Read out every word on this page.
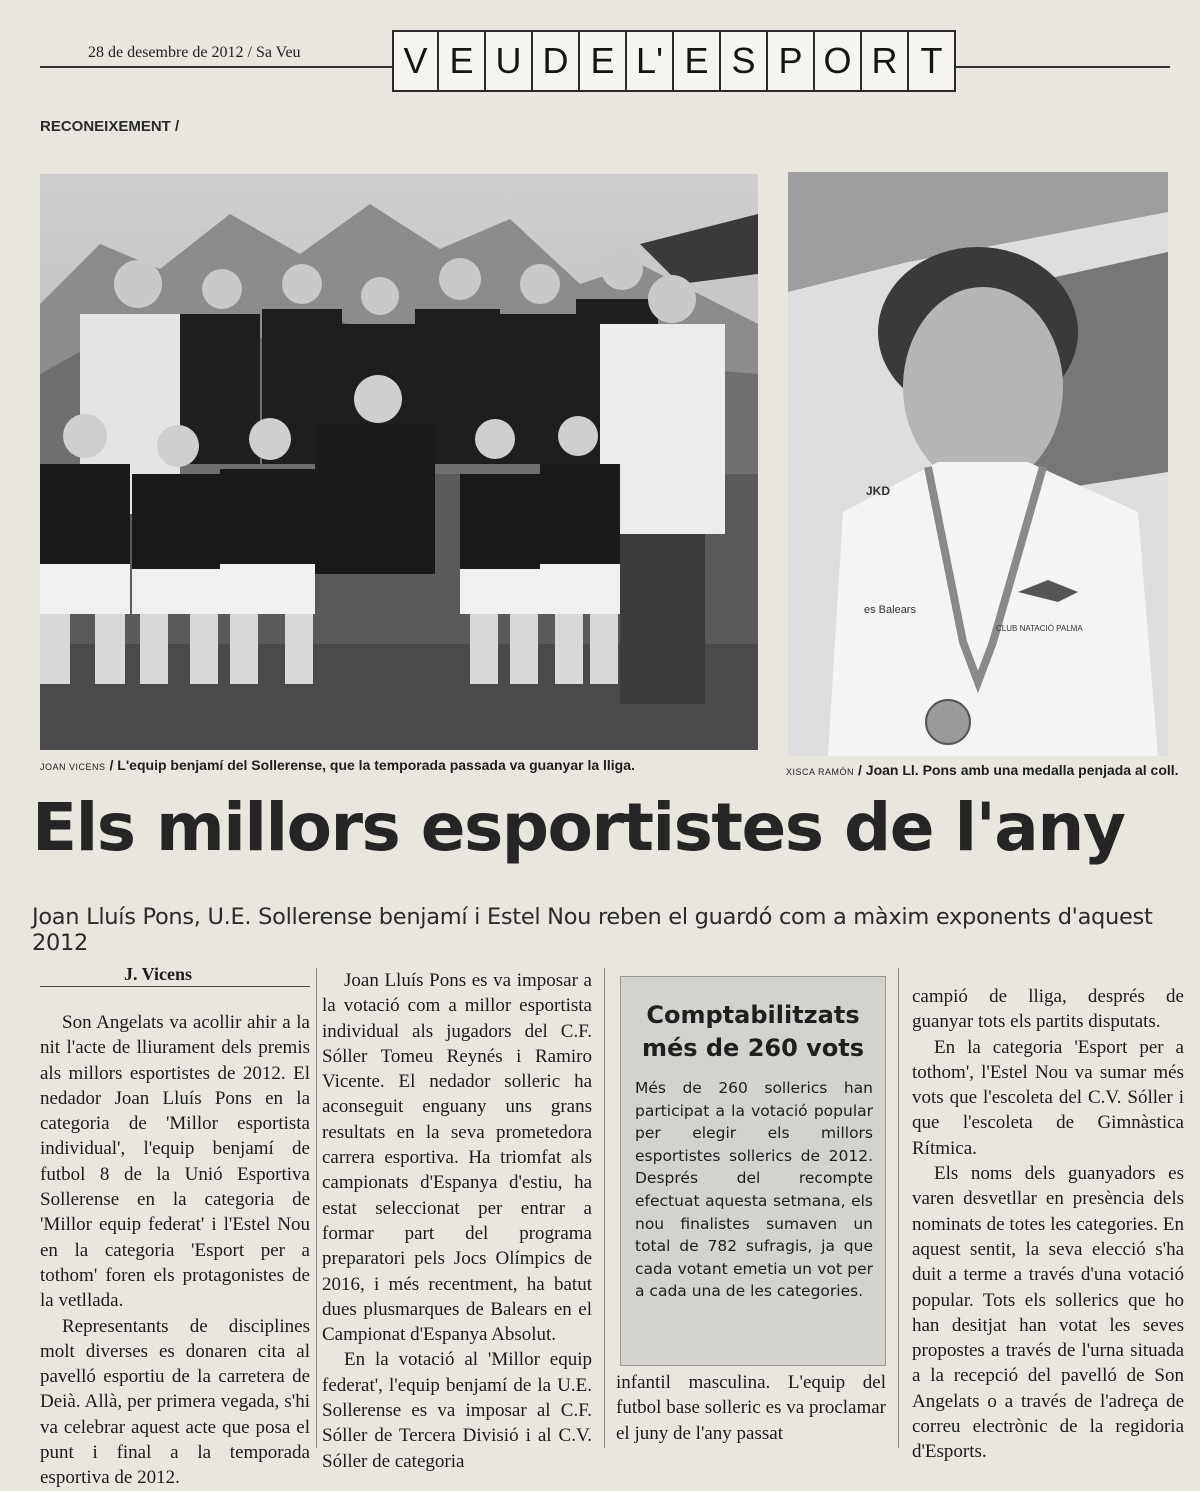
28 de desembre de 2012 / Sa Veu	V E U D E L' E S P O R T
RECONEIXEMENT /
JKD
es Balears
CLUB NATACIÓ PALMA
JOAN VICENS / L'equip benjamí del Sollerense, que la temporada passada va guanyar la lliga.	XISCA RAMÓN / Joan Ll. Pons amb una medalla penjada al coll.
Els millors esportistes de l'any
Joan Lluís Pons, U.E. Sollerense benjamí i Estel Nou reben el guardó com a màxim exponents d'aquest 2012
J. Vicens

Son Angelats va acollir ahir a la nit l'acte de lliurament dels premis als millors esportistes de 2012. El nedador Joan Lluís Pons en la categoria de 'Millor esportista individual', l'equip benjamí de futbol 8 de la Unió Esportiva Sollerense en la categoria de 'Millor equip federat' i l'Estel Nou en la categoria 'Esport per a tothom' foren els protagonistes de la vetllada.

Representants de disciplines molt diverses es donaren cita al pavelló esportiu de la carretera de Deià. Allà, per primera vegada, s'hi va celebrar aquest acte que posa el punt i final a la temporada esportiva de 2012.

Joan Lluís Pons es va imposar a la votació com a millor esportista individual als jugadors del C.F. Sóller Tomeu Reynés i Ramiro Vicente. El nedador solleric ha aconseguit enguany uns grans resultats en la seva prometedora carrera esportiva. Ha triomfat als campionats d'Espanya d'estiu, ha estat seleccionat per entrar a formar part del programa preparatori pels Jocs Olímpics de 2016, i més recentment, ha batut dues plusmarques de Balears en el Campionat d'Espanya Absolut.

En la votació al 'Millor equip federat', l'equip benjamí de la U.E. Sollerense es va imposar al C.F. Sóller de Tercera Divisió i al C.V. Sóller de categoria

Comptabilitzats més de 260 vots
Més de 260 sollerics han participat a la votació popular per elegir els millors esportistes sollerics de 2012. Després del recompte efectuat aquesta setmana, els nou finalistes sumaven un total de 782 sufragis, ja que cada votant emetia un vot per a cada una de les categories.

infantil masculina. L'equip del futbol base solleric es va proclamar el juny de l'any passat

campió de lliga, després de guanyar tots els partits disputats.

En la categoria 'Esport per a tothom', l'Estel Nou va sumar més vots que l'escoleta del C.V. Sóller i que l'escoleta de Gimnàstica Rítmica.

Els noms dels guanyadors es varen desvetllar en presència dels nominats de totes les categories. En aquest sentit, la seva elecció s'ha duit a terme a través d'una votació popular. Tots els sollerics que ho han desitjat han votat les seves propostes a través de l'urna situada a la recepció del pavelló de Son Angelats o a través de l'adreça de correu electrònic de la regidoria d'Esports.
